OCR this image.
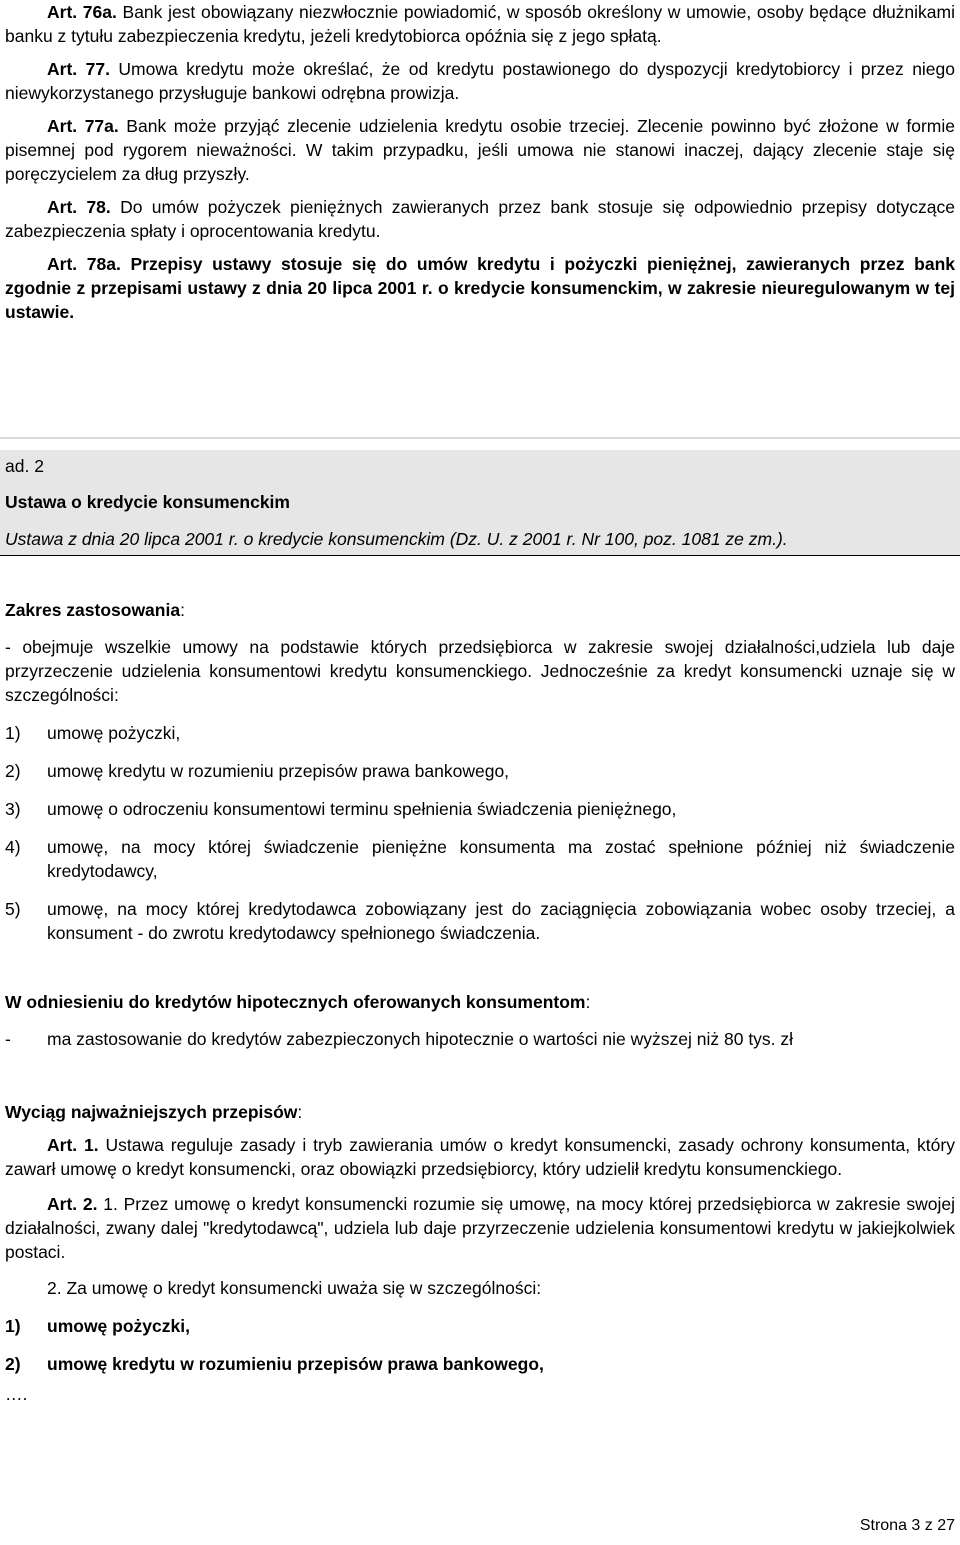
Art. 76a. Bank jest obowiązany niezwłocznie powiadomić, w sposób określony w umowie, osoby będące dłużnikami banku z tytułu zabezpieczenia kredytu, jeżeli kredytobiorca opóźnia się z jego spłatą.

Art. 77. Umowa kredytu może określać, że od kredytu postawionego do dyspozycji kredytobiorcy i przez niego niewykorzystanego przysługuje bankowi odrębna prowizja.

Art. 77a. Bank może przyjąć zlecenie udzielenia kredytu osobie trzeciej. Zlecenie powinno być złożone w formie pisemnej pod rygorem nieważności. W takim przypadku, jeśli umowa nie stanowi inaczej, dający zlecenie staje się poręczycielem za dług przyszły.

Art. 78. Do umów pożyczek pieniężnych zawieranych przez bank stosuje się odpowiednio przepisy dotyczące zabezpieczenia spłaty i oprocentowania kredytu.

Art. 78a. Przepisy ustawy stosuje się do umów kredytu i pożyczki pieniężnej, zawieranych przez bank zgodnie z przepisami ustawy z dnia 20 lipca 2001 r. o kredycie konsumenckim, w zakresie nieuregulowanym w tej ustawie.

ad. 2
Ustawa o kredycie konsumenckim
Ustawa z dnia 20 lipca 2001 r. o kredycie konsumenckim (Dz. U. z 2001 r. Nr 100, poz. 1081 ze zm.).

Zakres zastosowania:

- obejmuje wszelkie umowy na podstawie których przedsiębiorca w zakresie swojej działalności,udziela lub daje przyrzeczenie udzielenia konsumentowi kredytu konsumenckiego. Jednocześnie za kredyt konsumencki uznaje się w szczególności:

1)	umowę pożyczki,
2)	umowę kredytu w rozumieniu przepisów prawa bankowego,
3)	umowę o odroczeniu konsumentowi terminu spełnienia świadczenia pieniężnego,
4)	umowę, na mocy której świadczenie pieniężne konsumenta ma zostać spełnione później niż świadczenie kredytodawcy,
5)	umowę, na mocy której kredytodawca zobowiązany jest do zaciągnięcia zobowiązania wobec osoby trzeciej, a konsument - do zwrotu kredytodawcy spełnionego świadczenia.

W odniesieniu do kredytów hipotecznych oferowanych konsumentom:

-	ma zastosowanie do kredytów zabezpieczonych hipotecznie o wartości nie wyższej niż 80 tys. zł

Wyciąg najważniejszych przepisów:

Art. 1. Ustawa reguluje zasady i tryb zawierania umów o kredyt konsumencki, zasady ochrony konsumenta, który zawarł umowę o kredyt konsumencki, oraz obowiązki przedsiębiorcy, który udzielił kredytu konsumenckiego.

Art. 2. 1. Przez umowę o kredyt konsumencki rozumie się umowę, na mocy której przedsiębiorca w zakresie swojej działalności, zwany dalej "kredytodawcą", udziela lub daje przyrzeczenie udzielenia konsumentowi kredytu w jakiejkolwiek postaci.

2. Za umowę o kredyt konsumencki uważa się w szczególności:

1)	umowę pożyczki,
2)	umowę kredytu w rozumieniu przepisów prawa bankowego,

….

Strona 3 z 27
